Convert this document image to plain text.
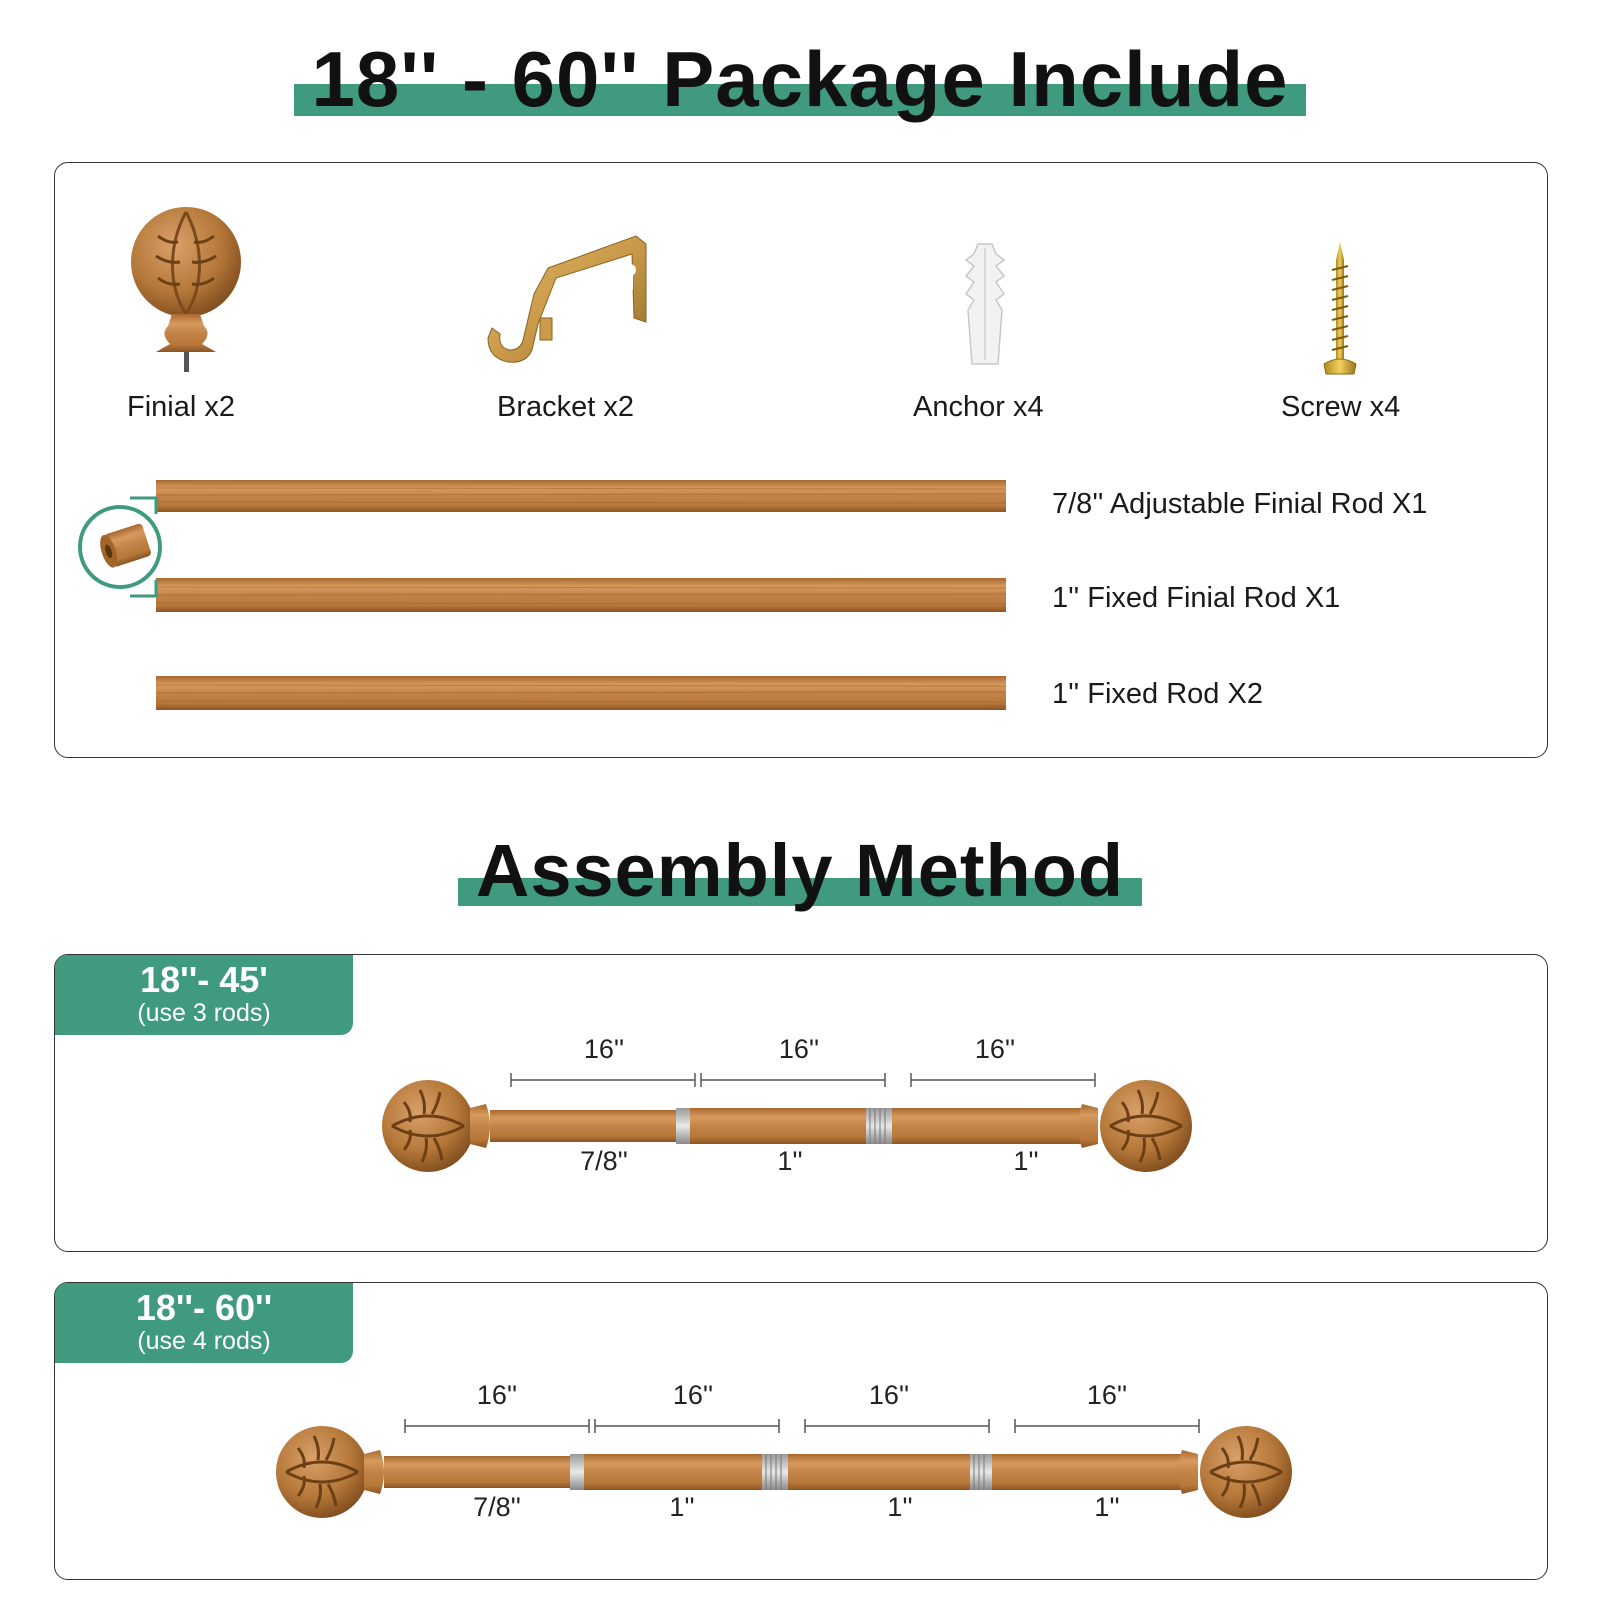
18'' - 60'' Package Include
Finial x2	Bracket x2	Anchor x4	Screw x4
7/8'' Adjustable Finial Rod X1
1'' Fixed Finial Rod X1
1'' Fixed Rod X2
Assembly Method
18''- 45'
(use 3 rods)
16''	16''	16''
7/8''	1''	1''
18''- 60''
(use 4 rods)
16''	16''	16''	16''
7/8''	1''	1''	1''
